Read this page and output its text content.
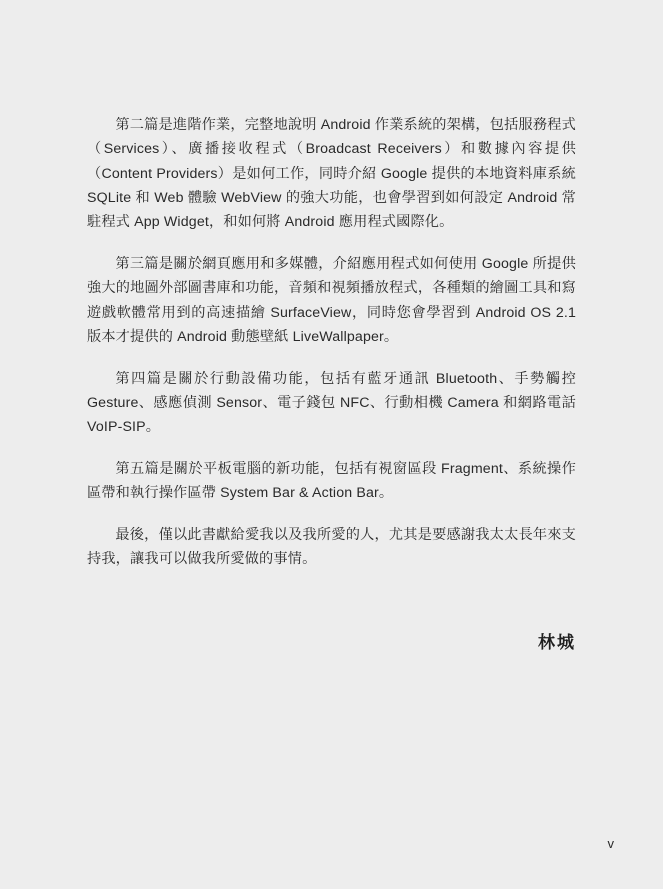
第二篇是進階作業，完整地說明 Android 作業系統的架構，包括服務程式（Services）、廣播接收程式（Broadcast Receivers）和數據內容提供（Content Providers）是如何工作，同時介紹 Google 提供的本地資料庫系統 SQLite 和 Web 體驗 WebView 的強大功能，也會學習到如何設定 Android 常駐程式 App Widget，和如何將 Android 應用程式國際化。

第三篇是關於網頁應用和多媒體，介紹應用程式如何使用 Google 所提供強大的地圖外部圖書庫和功能，音頻和視頻播放程式，各種類的繪圖工具和寫遊戲軟體常用到的高速描繪 SurfaceView，同時您會學習到 Android OS 2.1 版本才提供的 Android 動態壁紙 LiveWallpaper。

第四篇是關於行動設備功能，包括有藍牙通訊 Bluetooth、手勢觸控 Gesture、感應偵測 Sensor、電子錢包 NFC、行動相機 Camera 和網路電話 VoIP-SIP。

第五篇是關於平板電腦的新功能，包括有視窗區段 Fragment、系統操作區帶和執行操作區帶 System Bar & Action Bar。

最後，僅以此書獻給愛我以及我所愛的人，尤其是要感謝我太太長年來支持我，讓我可以做我所愛做的事情。

林城
v
